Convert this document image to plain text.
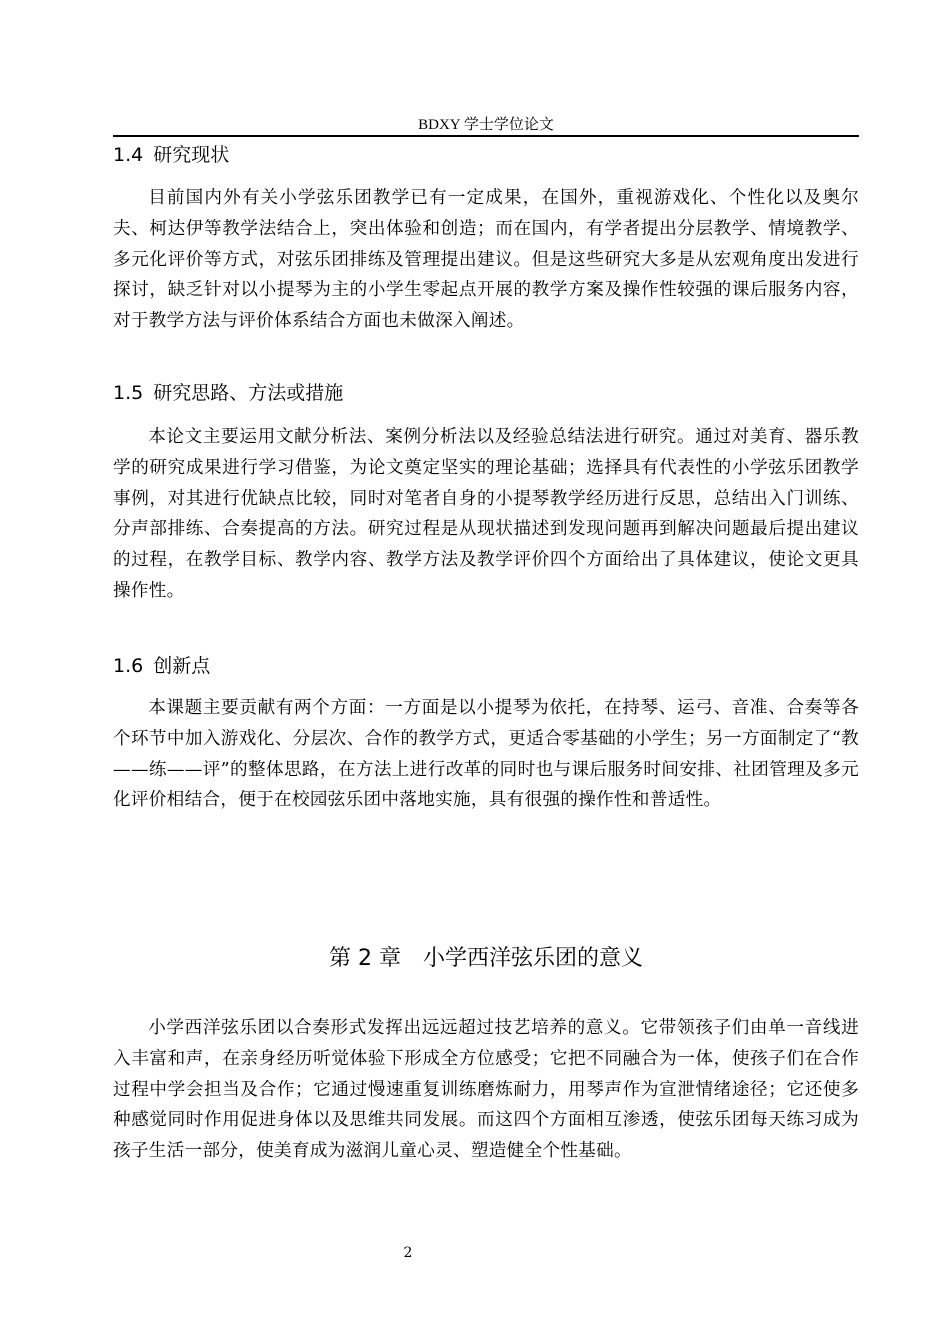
BDXY 学士学位论文
1.4 研究现状

目前国内外有关小学弦乐团教学已有一定成果，在国外，重视游戏化、个性化以及奥尔夫、柯达伊等教学法结合上，突出体验和创造；而在国内，有学者提出分层教学、情境教学、多元化评价等方式，对弦乐团排练及管理提出建议。但是这些研究大多是从宏观角度出发进行探讨，缺乏针对以小提琴为主的小学生零起点开展的教学方案及操作性较强的课后服务内容，对于教学方法与评价体系结合方面也未做深入阐述。

1.5 研究思路、方法或措施

本论文主要运用文献分析法、案例分析法以及经验总结法进行研究。通过对美育、器乐教学的研究成果进行学习借鉴，为论文奠定坚实的理论基础；选择具有代表性的小学弦乐团教学事例，对其进行优缺点比较，同时对笔者自身的小提琴教学经历进行反思，总结出入门训练、分声部排练、合奏提高的方法。研究过程是从现状描述到发现问题再到解决问题最后提出建议的过程，在教学目标、教学内容、教学方法及教学评价四个方面给出了具体建议，使论文更具操作性。

1.6 创新点

本课题主要贡献有两个方面：一方面是以小提琴为依托，在持琴、运弓、音准、合奏等各个环节中加入游戏化、分层次、合作的教学方式，更适合零基础的小学生；另一方面制定了“教——练——评”的整体思路，在方法上进行改革的同时也与课后服务时间安排、社团管理及多元化评价相结合，便于在校园弦乐团中落地实施，具有很强的操作性和普适性。

第 2 章 小学西洋弦乐团的意义

小学西洋弦乐团以合奏形式发挥出远远超过技艺培养的意义。它带领孩子们由单一音线进入丰富和声，在亲身经历听觉体验下形成全方位感受；它把不同融合为一体，使孩子们在合作过程中学会担当及合作；它通过慢速重复训练磨炼耐力，用琴声作为宣泄情绪途径；它还使多种感觉同时作用促进身体以及思维共同发展。而这四个方面相互渗透，使弦乐团每天练习成为孩子生活一部分，使美育成为滋润儿童心灵、塑造健全个性基础。

2
